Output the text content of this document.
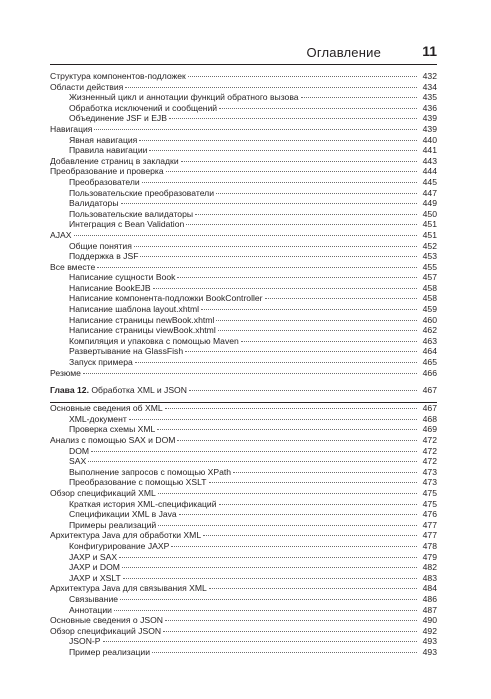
Оглавление	11
Структура компонентов-подложек	432
Области действия	434
Жизненный цикл и аннотации функций обратного вызова	435
Обработка исключений и сообщений	436
Объединение JSF и EJB	439
Навигация	439
Явная навигация	440
Правила навигации	441
Добавление страниц в закладки	443
Преобразование и проверка	444
Преобразователи	445
Пользовательские преобразователи	447
Валидаторы	449
Пользовательские валидаторы	450
Интеграция с Bean Validation	451
AJAX	451
Общие понятия	452
Поддержка в JSF	453
Все вместе	455
Написание сущности Book	457
Написание BookEJB	458
Написание компонента-подложки BookController	458
Написание шаблона layout.xhtml	459
Написание страницы newBook.xhtml	460
Написание страницы viewBook.xhtml	462
Компиляция и упаковка с помощью Maven	463
Развертывание на GlassFish	464
Запуск примера	465
Резюме	466
Глава 12. Обработка XML и JSON	467
Основные сведения об XML	467
XML-документ	468
Проверка схемы XML	469
Анализ с помощью SAX и DOM	472
DOM	472
SAX	472
Выполнение запросов с помощью XPath	473
Преобразование с помощью XSLT	473
Обзор спецификаций XML	475
Краткая история XML-спецификаций	475
Спецификации XML в Java	476
Примеры реализаций	477
Архитектура Java для обработки XML	477
Конфигурирование JAXP	478
JAXP и SAX	479
JAXP и DOM	482
JAXP и XSLT	483
Архитектура Java для связывания XML	484
Связывание	486
Аннотации	487
Основные сведения о JSON	490
Обзор спецификаций JSON	492
JSON-P	493
Пример реализации	493
